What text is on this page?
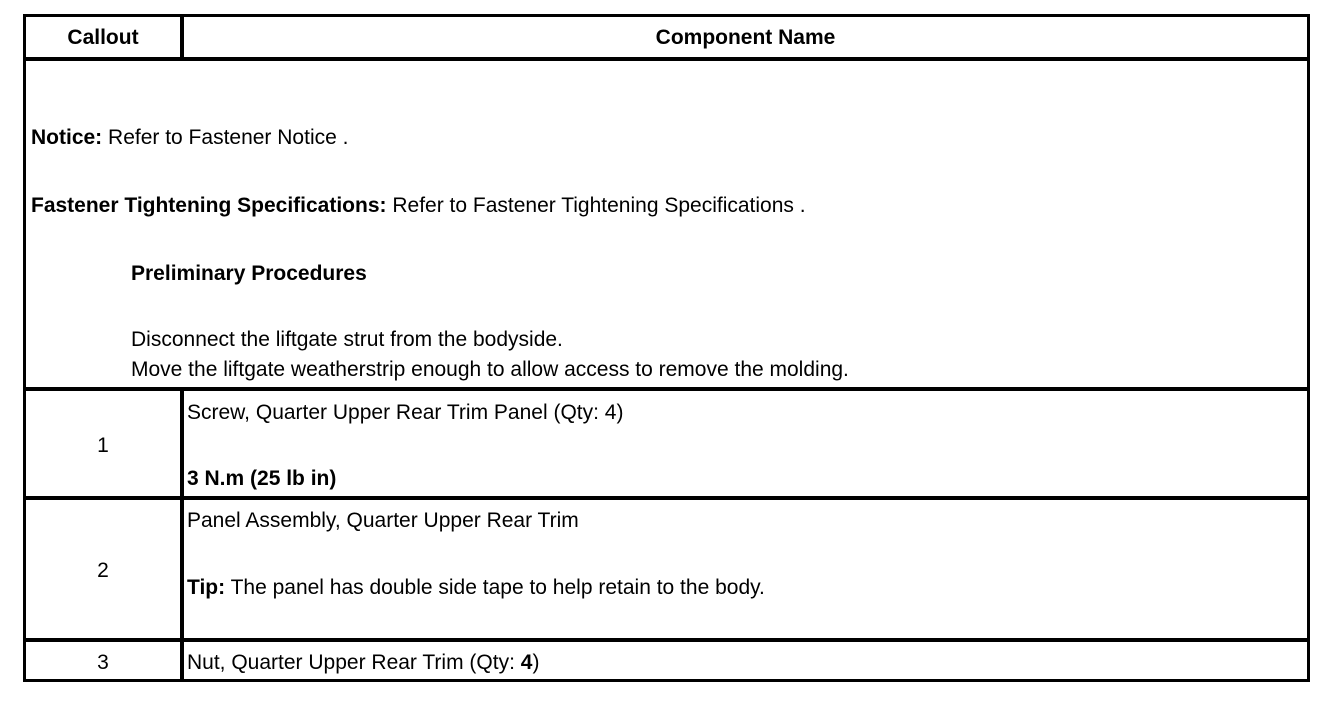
Callout	Component Name
Notice: Refer to Fastener Notice .
Fastener Tightening Specifications: Refer to Fastener Tightening Specifications .
Preliminary Procedures
Disconnect the liftgate strut from the bodyside.
Move the liftgate weatherstrip enough to allow access to remove the molding.
1
Screw, Quarter Upper Rear Trim Panel (Qty: 4)
3 N.m (25 lb in)
2
Panel Assembly, Quarter Upper Rear Trim
Tip: The panel has double side tape to help retain to the body.
3	Nut, Quarter Upper Rear Trim (Qty: 4)
